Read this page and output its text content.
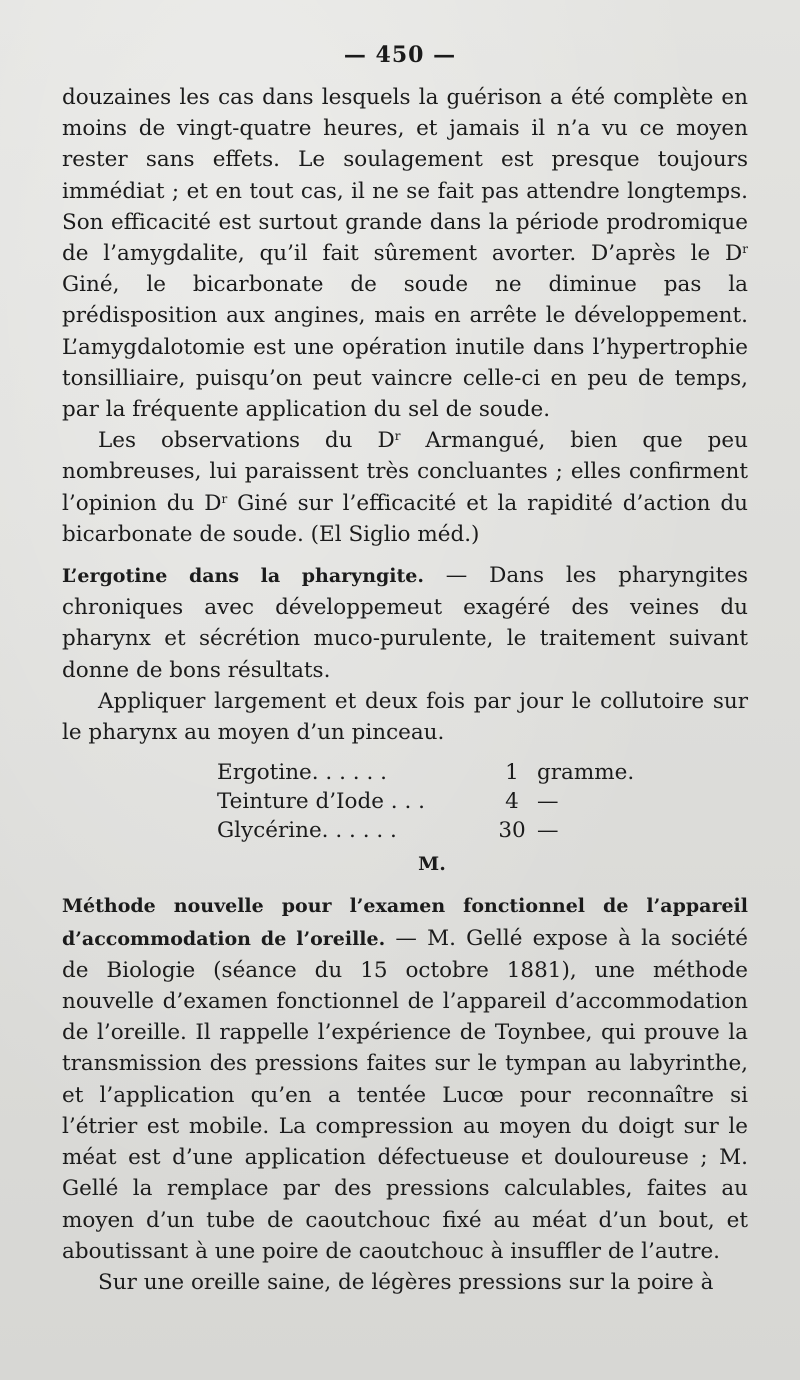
— 450 —

douzaines les cas dans lesquels la guérison a été complète en moins de vingt-quatre heures, et jamais il n’a vu ce moyen rester sans effets. Le soulagement est presque toujours immédiat ; et en tout cas, il ne se fait pas attendre longtemps. Son efficacité est surtout grande dans la période prodromique de l’amygdalite, qu’il fait sûrement avorter. D’après le $D^r$ Giné, le bicarbonate de soude ne diminue pas la prédisposition aux angines, mais en arrête le développement. L’amygdalotomie est une opération inutile dans l’hypertrophie tonsilliaire, puisqu’on peut vaincre celle-ci en peu de temps, par la fréquente application du sel de soude.

Les observations du $D^r$ Armangué, bien que peu nombreuses, lui paraissent très concluantes ; elles confirment l’opinion du $D^r$ Giné sur l’efficacité et la rapidité d’action du bicarbonate de soude. (El Siglio méd.)

L’ergotine dans la pharyngite. — Dans les pharyngites chroniques avec développemeut exagéré des veines du pharynx et sécrétion muco-purulente, le traitement suivant donne de bons résultats.

Appliquer largement et deux fois par jour le collutoire sur le pharynx au moyen d’un pinceau.

Ergotine. . . . . .	1 gramme.
Teinture d’Iode . . .	4 —
Glycérine. . . . . .	30 —
M.

Méthode nouvelle pour l’examen fonctionnel de l’appareil d’accommodation de l’oreille. — M. Gellé expose à la société de Biologie (séance du 15 octobre 1881), une méthode nouvelle d’examen fonctionnel de l’appareil d’accommodation de l’oreille. Il rappelle l’expérience de Toynbee, qui prouve la transmission des pressions faites sur le tympan au labyrinthe, et l’application qu’en a tentée Lucœ pour reconnaître si l’étrier est mobile. La compression au moyen du doigt sur le méat est d’une application défectueuse et douloureuse ; M. Gellé la remplace par des pressions calculables, faites au moyen d’un tube de caoutchouc fixé au méat d’un bout, et aboutissant à une poire de caoutchouc à insuffler de l’autre.

Sur une oreille saine, de légères pressions sur la poire à
